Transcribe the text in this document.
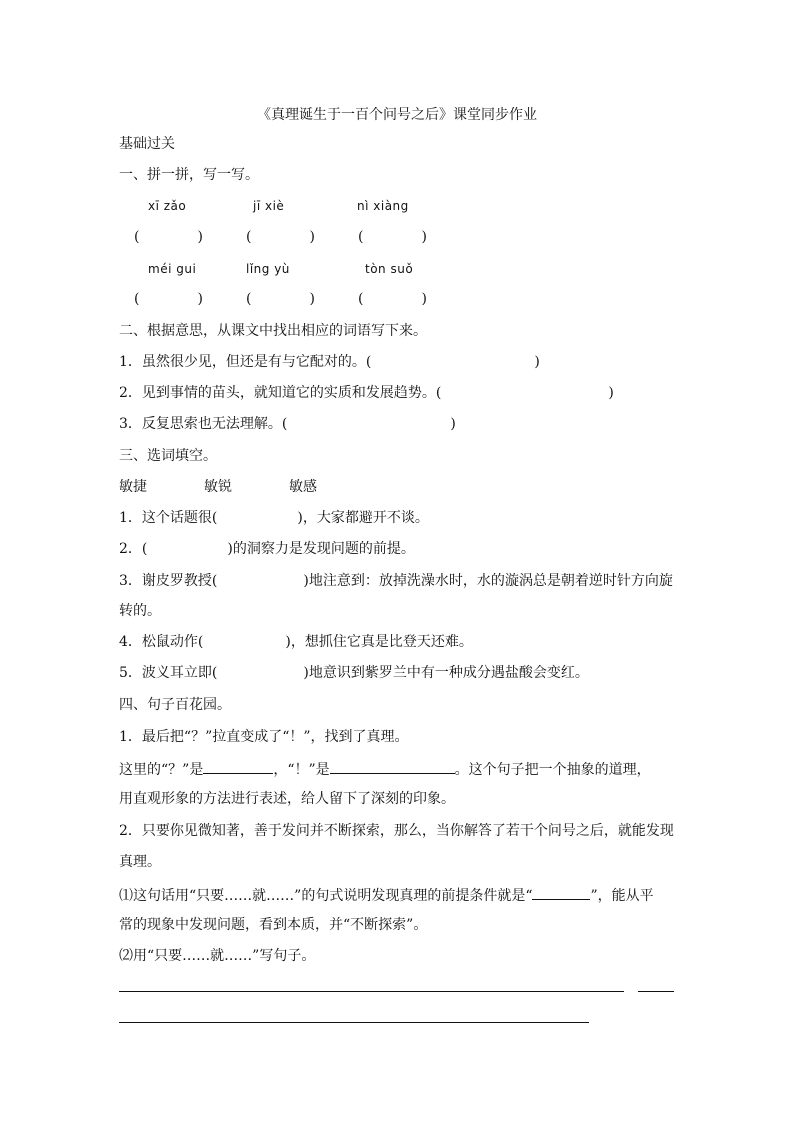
《真理诞生于一百个问号之后》课堂同步作业
基础过关
一、拼一拼，写一写。
xī zǎo	jī xiè	nì xiàng
(	)	(	)	(	)
méi gui	lǐng yù	tòn suǒ
(	)	(	)	(	)
二、根据意思，从课文中找出相应的词语写下来。
1．虽然很少见，但还是有与它配对的。(	)
2．见到事情的苗头，就知道它的实质和发展趋势。(	)
3．反复思索也无法理解。(	)
三、选词填空。
敏捷	敏锐	敏感
1．这个话题很(	)，大家都避开不谈。
2．(	)的洞察力是发现问题的前提。
3．谢皮罗教授(	)地注意到：放掉洗澡水时，水的漩涡总是朝着逆时针方向旋
转的。
4．松鼠动作(	)，想抓住它真是比登天还难。
5．波义耳立即(	)地意识到紫罗兰中有一种成分遇盐酸会变红。
四、句子百花园。
1．最后把“？”拉直变成了“！”，找到了真理。
这里的“？”是	，“！”是	。这个句子把一个抽象的道理，
用直观形象的方法进行表述，给人留下了深刻的印象。
2．只要你见微知著，善于发问并不断探索，那么，当你解答了若干个问号之后，就能发现
真理。
⑴这句话用“只要……就……”的句式说明发现真理的前提条件就是“	”，能从平
常的现象中发现问题，看到本质，并“不断探索”。
⑵用“只要……就……”写句子。
